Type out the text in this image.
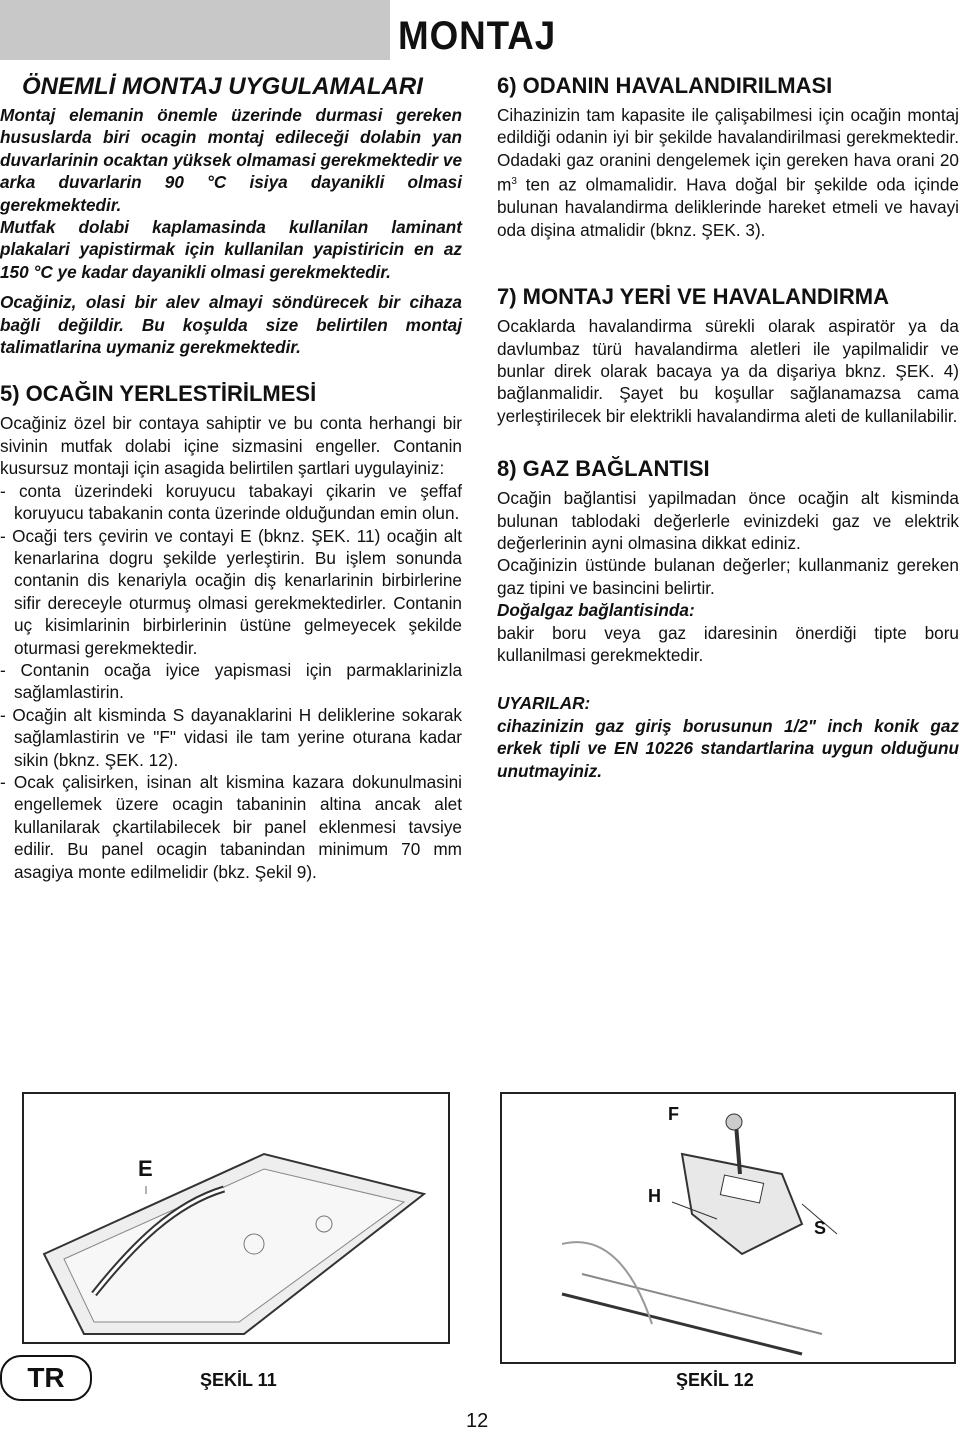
MONTAJ
ÖNEMLİ MONTAJ UYGULAMALARI

Montaj elemanin önemle üzerinde durmasi gereken hususlarda biri ocagin montaj edileceği dolabin yan duvarlarinin ocaktan yüksek olmamasi gerekmektedir ve arka duvarlarin 90 °C isiya dayanikli olmasi gerekmektedir.

Mutfak dolabi kaplamasinda kullanilan laminant plakalari yapistirmak için kullanilan yapistiricin en az 150 °C ye kadar dayanikli olmasi gerekmektedir.

Ocağiniz, olasi bir alev almayi söndürecek bir cihaza bağli değildir. Bu koşulda size belirtilen montaj talimatlarina uymaniz gerekmektedir.

5) OCAĞIN YERLESTİRİLMESİ

Ocağiniz özel bir contaya sahiptir ve bu conta herhangi bir sivinin mutfak dolabi içine sizmasini engeller. Contanin kusursuz montaji için asagida belirtilen şartlari uygulayiniz:

- conta üzerindeki koruyucu tabakayi çikarin ve şeffaf koruyucu tabakanin conta üzerinde olduğundan emin olun.
- Ocaği ters çevirin ve contayi E (bknz. ŞEK. 11) ocağin alt kenarlarina dogru şekilde yerleştirin. Bu işlem sonunda contanin dis kenariyla ocağin diş kenarlarinin birbirlerine sifir dereceyle oturmuş olmasi gerekmektedirler. Contanin uç kisimlarinin birbirlerinin üstüne gelmeyecek şekilde oturmasi gerekmektedir.
- Contanin ocağa iyice yapismasi için parmaklarinizla sağlamlastirin.
- Ocağin alt kisminda S dayanaklarini H deliklerine sokarak sağlamlastirin ve "F" vidasi ile tam yerine oturana kadar sikin (bknz. ŞEK. 12).
- Ocak çalisirken, isinan alt kismina kazara dokunulmasini engellemek üzere ocagin tabaninin altina ancak alet kullanilarak çkartilabilecek bir panel eklenmesi tavsiye edilir. Bu panel ocagin tabanindan minimum 70 mm asagiya monte edilmelidir (bkz. Şekil 9).
6) ODANIN HAVALANDIRILMASI

Cihazinizin tam kapasite ile çalişabilmesi için ocağin montaj edildiği odanin iyi bir şekilde havalandirilmasi gerekmektedir. Odadaki gaz oranini dengelemek için gereken hava orani 20 $m^3$ ten az olmamalidir. Hava doğal bir şekilde oda içinde bulunan havalandirma deliklerinde hareket etmeli ve havayi oda dişina atmalidir (bknz. ŞEK. 3).

7) MONTAJ YERİ VE HAVALANDIRMA

Ocaklarda havalandirma sürekli olarak aspiratör ya da davlumbaz türü havalandirma aletleri ile yapilmalidir ve bunlar direk olarak bacaya ya da dişariya bknz. ŞEK. 4) bağlanmalidir. Şayet bu koşullar sağlanamazsa cama yerleştirilecek bir elektrikli havalandirma aleti de kullanilabilir.

8) GAZ BAĞLANTISI

Ocağin bağlantisi yapilmadan önce ocağin alt kisminda bulunan tablodaki değerlerle evinizdeki gaz ve elektrik değerlerinin ayni olmasina dikkat ediniz.

Ocağinizin üstünde bulanan değerler; kullanmaniz gereken gaz tipini ve basincini belirtir.

Doğalgaz bağlantisinda:

bakir boru veya gaz idaresinin önerdiği tipte boru kullanilmasi gerekmektedir.

UYARILAR:

cihazinizin gaz giriş borusunun 1/2" inch konik gaz erkek tipli ve EN 10226 standartlarina uygun olduğunu unutmayiniz.

E
ŞEKİL 11
F
H
S
ŞEKİL 12
TR
12
